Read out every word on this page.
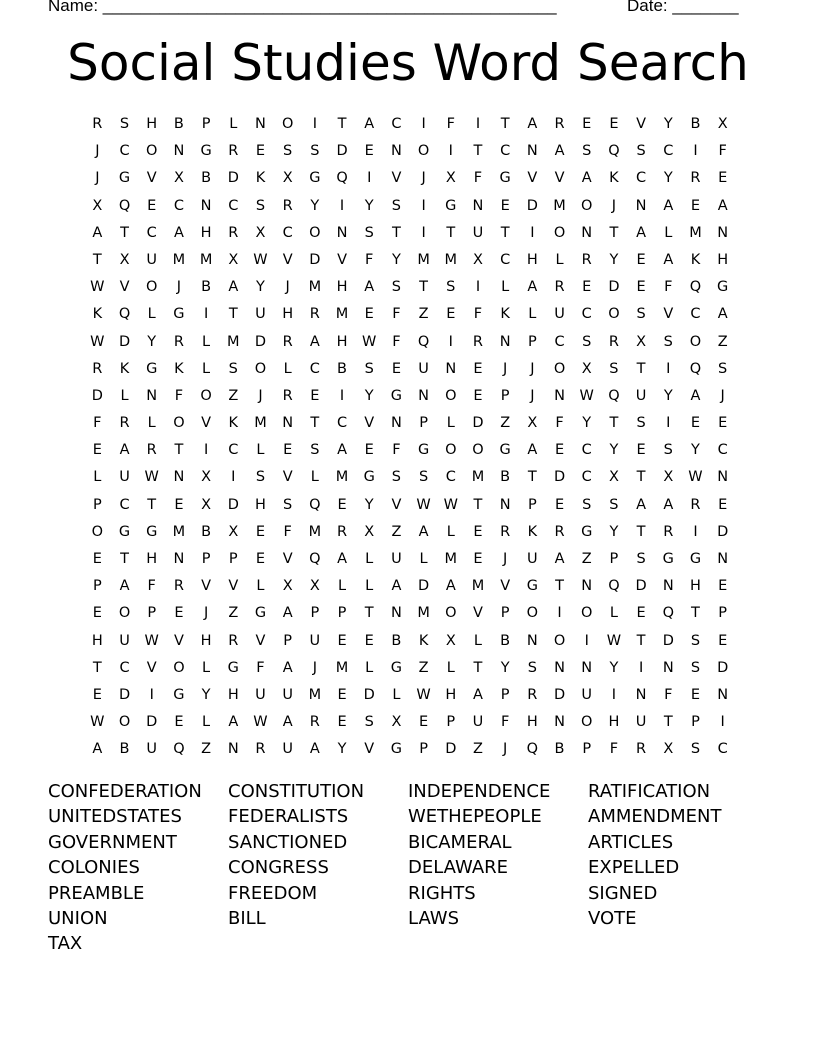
Name: ________________________________________________	Date: _______
Social Studies Word Search
R	S	H	B	P	L	N	O	I	T	A	C	I	F	I	T	A	R	E	E	V	Y	B	X
J	C	O	N	G	R	E	S	S	D	E	N	O	I	T	C	N	A	S	Q	S	C	I	F
J	G	V	X	B	D	K	X	G	Q	I	V	J	X	F	G	V	V	A	K	C	Y	R	E
X	Q	E	C	N	C	S	R	Y	I	Y	S	I	G	N	E	D	M	O	J	N	A	E	A
A	T	C	A	H	R	X	C	O	N	S	T	I	T	U	T	I	O	N	T	A	L	M	N
T	X	U	M M	X	W	V	D	V	F	Y	M M	X	C	H	L	R	Y	E	A	K	H
W	V	O	J	B	A	Y	J	M	H	A	S	T	S	I	L	A	R	E	D	E	F	Q	G
K	Q	L	G	I	T	U	H	R	M	E	F	Z	E	F	K	L	U	C	O	S	V	C	A
W D	Y	R	L	M	D	R	A	H W	F	Q	I	R	N	P	C	S	R	X	S	O	Z
R	K	G	K	L	S	O	L	C	B	S	E	U	N	E	J	J	O	X	S	T	I	Q	S
D	L	N	F	O	Z	J	R	E	I	Y	G	N	O	E	P	J	N W Q	U	Y	A	J
F	R	L	O	V	K	M	N	T	C	V	N	P	L	D	Z	X	F	Y	T	S	I	E	E
E	A	R	T	I	C	L	E	S	A	E	F	G	O	O	G	A	E	C	Y	E	S	Y	C
L	U W N	X	I	S	V	L	M	G	S	S	C	M	B	T	D	C	X	T	X	W N
P	C	T	E	X	D	H	S	Q	E	Y	V	W W	T	N	P	E	S	S	A	A	R	E
O	G	G	M	B	X	E	F	M	R	X	Z	A	L	E	R	K	R	G	Y	T	R	I	D
E	T	H	N	P	P	E	V	Q	A	L	U	L	M	E	J	U	A	Z	P	S	G	G	N
P	A	F	R	V	V	L	X	X	L	L	A	D	A	M	V	G	T	N	Q	D	N	H	E
E	O	P	E	J	Z	G	A	P	P	T	N	M	O	V	P	O	I	O	L	E	Q	T	P
H	U W	V	H	R	V	P	U	E	E	B	K	X	L	B	N	O	I	W	T	D	S	E
T	C	V	O	L	G	F	A	J	M	L	G	Z	L	T	Y	S	N	N	Y	I	N	S	D
E	D	I	G	Y	H	U	U	M	E	D	L	W H	A	P	R	D	U	I	N	F	E	N
W O	D	E	L	A	W	A	R	E	S	X	E	P	U	F	H	N	O	H	U	T	P	I
A	B	U	Q	Z	N	R	U	A	Y	V	G	P	D	Z	J	Q	B	P	F	R	X	S	C
CONFEDERATION	CONSTITUTION	INDEPENDENCE	RATIFICATION
UNITEDSTATES	FEDERALISTS	WETHEPEOPLE	AMMENDMENT
GOVERNMENT	SANCTIONED	BICAMERAL	ARTICLES
COLONIES	CONGRESS	DELAWARE	EXPELLED
PREAMBLE	FREEDOM	RIGHTS	SIGNED
UNION	BILL	LAWS	VOTE
TAX
